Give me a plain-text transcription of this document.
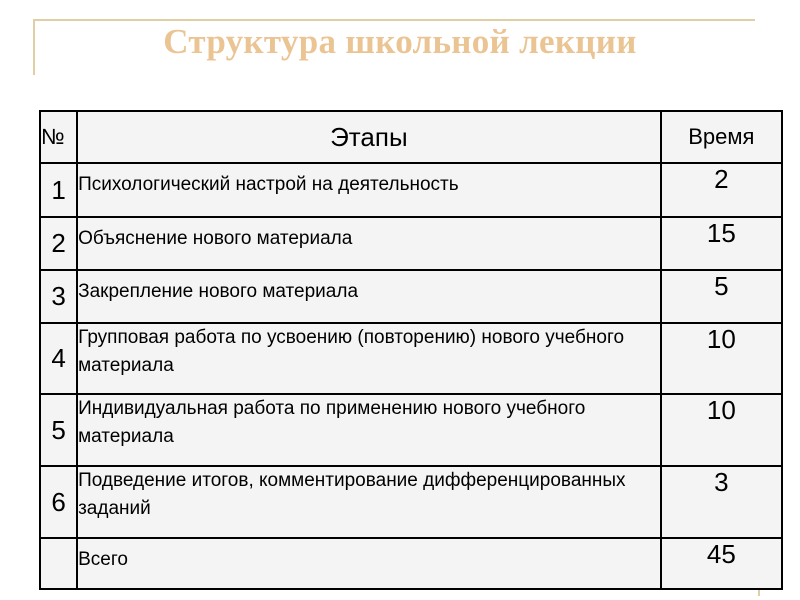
Структура школьной лекции
№	Этапы	Время
1	Психологический настрой на деятельность	2
2	Объяснение нового материала	15
3	Закрепление нового материала	5
4	Групповая работа по усвоению (повторению) нового учебного материала	10
5	Индивидуальная работа по применению нового учебного материала	10
6	Подведение итогов, комментирование дифференцированных заданий	3
	Всего	45
